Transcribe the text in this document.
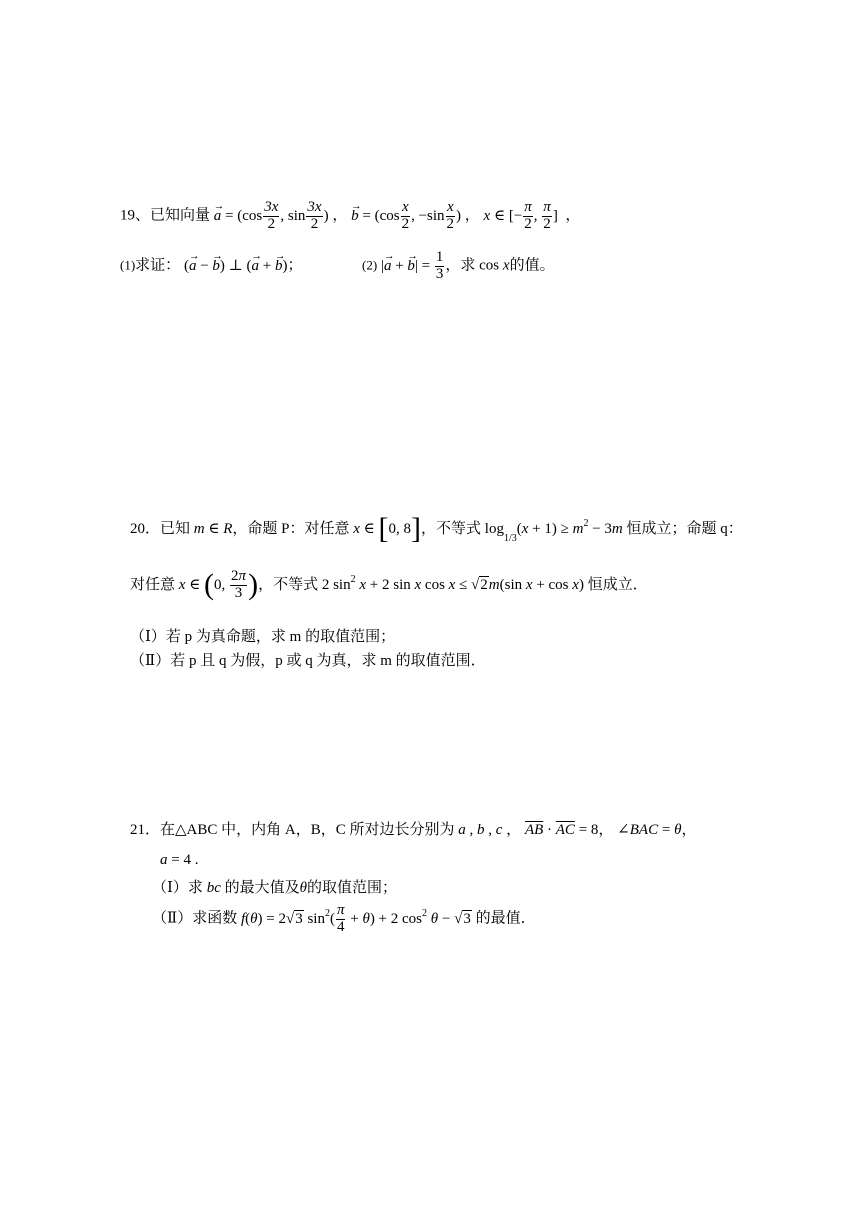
19、已知向量 → $a = (\cos \frac{3x}{2}$ , $\sin \frac{3x}{2}$ ) ， → $b = (\cos \frac{x}{2}$ , $-\sin \frac{x}{2}$ ) ， x ∈ [− $\frac{\pi}{2}$ , $\frac{\pi}{2}$ ]  ，
(1)求证： (→ a − → b) ⊥ (→ a + → b)；	(2) |→ a + → $b| = \frac{1}{3}$ ，求 cos x的值。
20．已知 m ∈ R，命题 P：对任意 x ∈ [0, 8]，不等式 $\log_{1/3}(x + 1) \ge m^2 - 3m$ 恒成立；命题 q：
对任意 x ∈ (0, $\frac{2\pi}{3}$ )，不等式 2 $\sin^2 x + 2$ sin x cos x ≤ √2m(sin x + cos x) 恒成立．
（Ⅰ）若 p 为真命题，求 m 的取值范围；
（Ⅱ）若 p 且 q 为假，p 或 q 为真，求 m 的取值范围．
21．在△ABC 中，内角 A，B，C 所对边长分别为 a , b , c ， $\overline{AB} \cdot \overline{AC} = 8$， ∠BAC = θ，
a = 4 .
（Ⅰ）求 bc 的最大值及θ的取值范围；
（Ⅱ）求函数 f(θ) = 2√3 $\sin^2( \frac{\pi}{4} + \theta) + 2$ $\cos^2 \theta - √3$ 的最值．
